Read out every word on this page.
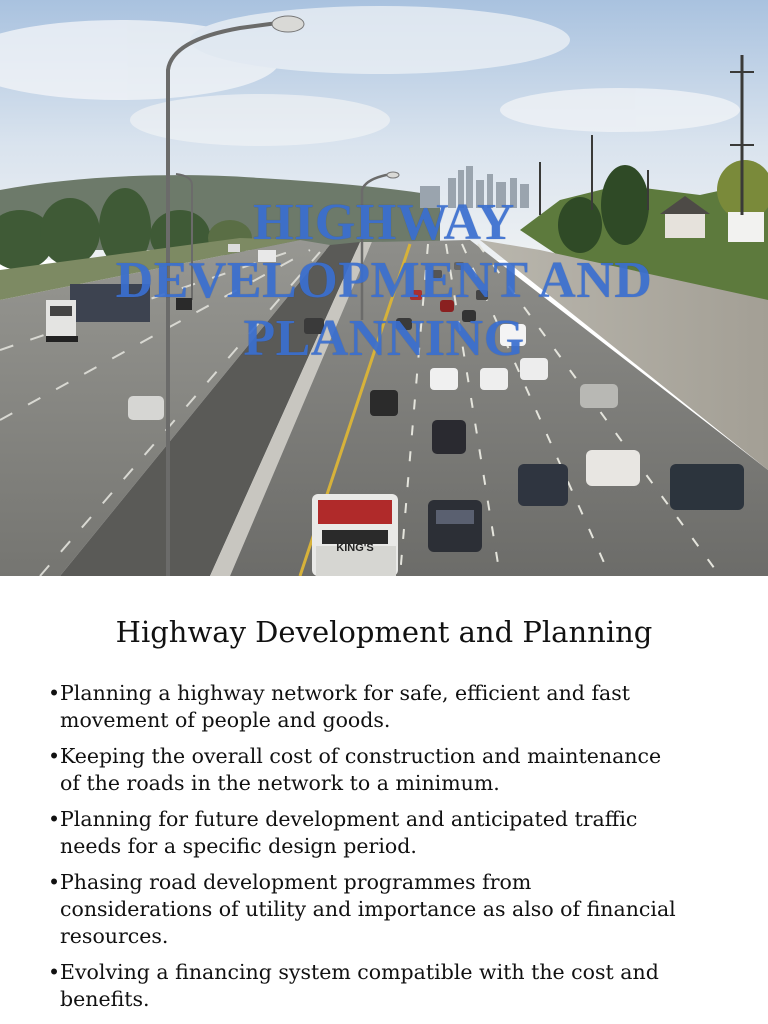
KING'S
HIGHWAY
DEVELOPMENT AND
PLANNING
Highway Development and Planning
• Planning a highway network for safe, efficient and fast
movement of people and goods.
• Keeping the overall cost of construction and maintenance
of the roads in the network to a minimum.
• Planning for future development and anticipated traffic
needs for a specific design period.
• Phasing road development programmes from
considerations of utility and importance as also of financial
resources.
• Evolving a financing system compatible with the cost and
benefits.
